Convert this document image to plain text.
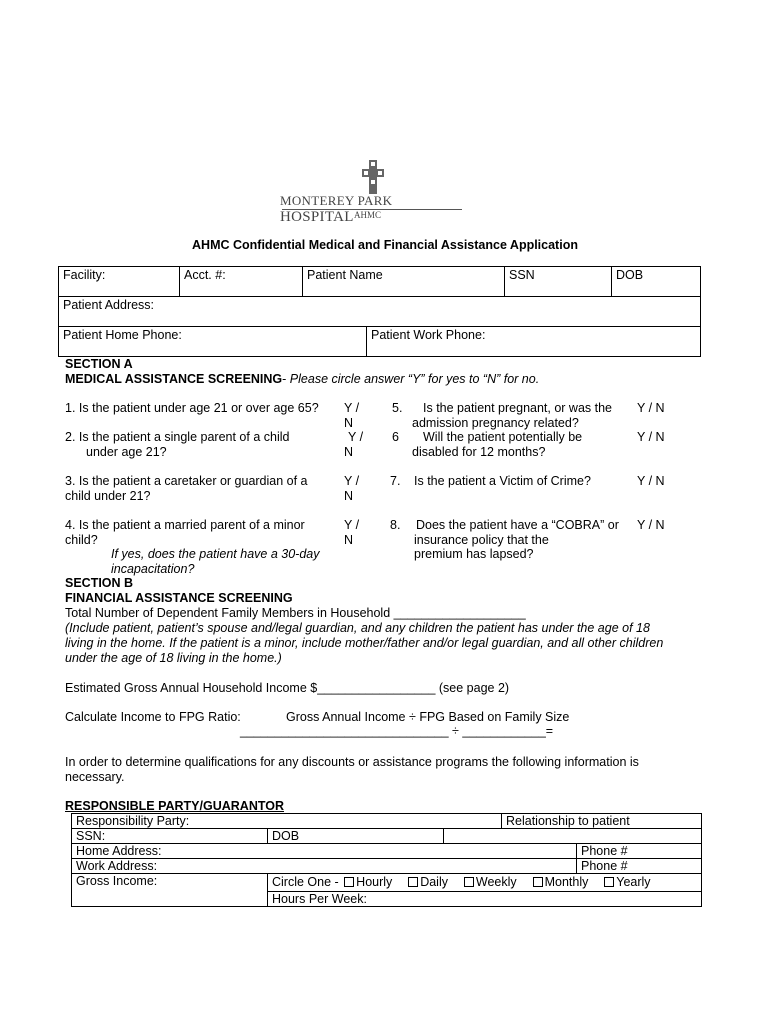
MONTEREY PARK  HOSPITAL AHMC
AHMC Confidential Medical and Financial Assistance Application
Facility:	Acct. #:	Patient Name	SSN	DOB
Patient Address:
Patient Home Phone:	Patient Work Phone:
SECTION A
MEDICAL ASSISTANCE SCREENING- Please circle answer “Y” for yes to “N” for no.
1. Is the patient under age 21 or over age 65? Y /
N
2. Is the patient a single parent of a child
under age 21?
Y /
N
3. Is the patient a caretaker or guardian of a
child under 21?
Y /
N
4. Is the patient a married parent of a minor
child?
If yes, does the patient have a 30-day
incapacitation?
Y /
N
5. Is the patient pregnant, or was the
admission pregnancy related?
Y / N
6 Will the patient potentially be
disabled for 12 months?
Y / N
7. Is the patient a Victim of Crime?	Y / N
8. Does the patient have a “COBRA” or
insurance policy that the
premium has lapsed?
Y / N
SECTION B
FINANCIAL ASSISTANCE SCREENING
Total Number of Dependent Family Members in Household ___________________
(Include patient, patient’s spouse and/legal guardian, and any children the patient has under the age of 18
living in the home. If the patient is a minor, include mother/father and/or legal guardian, and all other children
under the age of 18 living in the home.)
Estimated Gross Annual Household Income $_________________ (see page 2)
Calculate Income to FPG Ratio:	Gross Annual Income ÷ FPG Based on Family Size
______________________________ ÷ ____________=
In order to determine qualifications for any discounts or assistance programs the following information is
necessary.
RESPONSIBLE PARTY/GUARANTOR
Responsibility Party:	Relationship to patient
SSN:	DOB
Home Address:	Phone #
Work Address:	Phone #
Gross Income:	Circle One - Hourly Daily Weekly Monthly Yearly
Hours Per Week:
